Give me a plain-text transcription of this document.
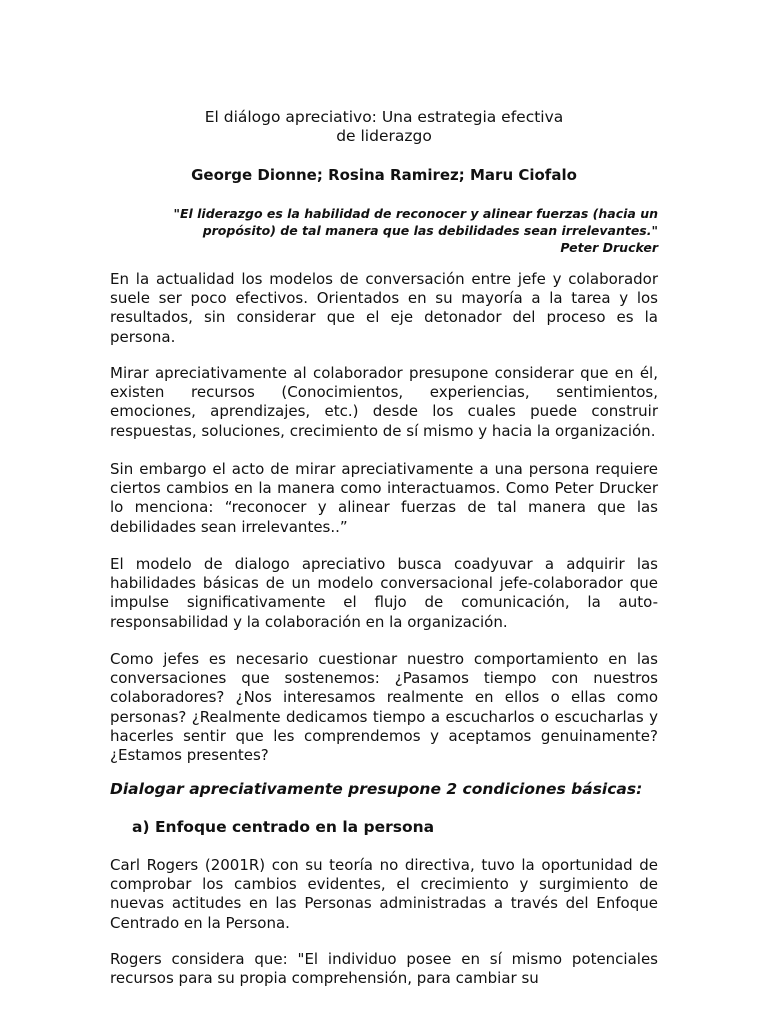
El diálogo apreciativo: Una estrategia efectiva
de liderazgo

George Dionne; Rosina Ramirez; Maru Ciofalo

"El liderazgo es la habilidad de reconocer y alinear fuerzas (hacia un propósito) de tal manera que las debilidades sean irrelevantes."
Peter Drucker

En la actualidad los modelos de conversación entre jefe y colaborador suele ser poco efectivos. Orientados en su mayoría a la tarea y los resultados, sin considerar que el eje detonador del proceso es la persona.

Mirar apreciativamente al colaborador presupone considerar que en él, existen recursos (Conocimientos, experiencias, sentimientos, emociones, aprendizajes, etc.) desde los cuales puede construir respuestas, soluciones, crecimiento de sí mismo y hacia la organización.

Sin embargo el acto de mirar apreciativamente a una persona requiere ciertos cambios en la manera como interactuamos. Como Peter Drucker lo menciona: “reconocer y alinear fuerzas de tal manera que las debilidades sean irrelevantes..”

El modelo de dialogo apreciativo busca coadyuvar a adquirir las habilidades básicas de un modelo conversacional jefe-colaborador que impulse significativamente el flujo de comunicación, la auto-responsabilidad y la colaboración en la organización.

Como jefes es necesario cuestionar nuestro comportamiento en las conversaciones que sostenemos: ¿Pasamos tiempo con nuestros colaboradores? ¿Nos interesamos realmente en ellos o ellas como personas? ¿Realmente dedicamos tiempo a escucharlos o escucharlas y hacerles sentir que les comprendemos y aceptamos genuinamente? ¿Estamos presentes?

Dialogar apreciativamente presupone 2 condiciones básicas:

a) Enfoque centrado en la persona

Carl Rogers (2001R) con su teoría no directiva, tuvo la oportunidad de comprobar los cambios evidentes, el crecimiento y surgimiento de nuevas actitudes en las Personas administradas a través del Enfoque Centrado en la Persona.

Rogers considera que: "El individuo posee en sí mismo potenciales recursos para su propia comprehensión, para cambiar su
